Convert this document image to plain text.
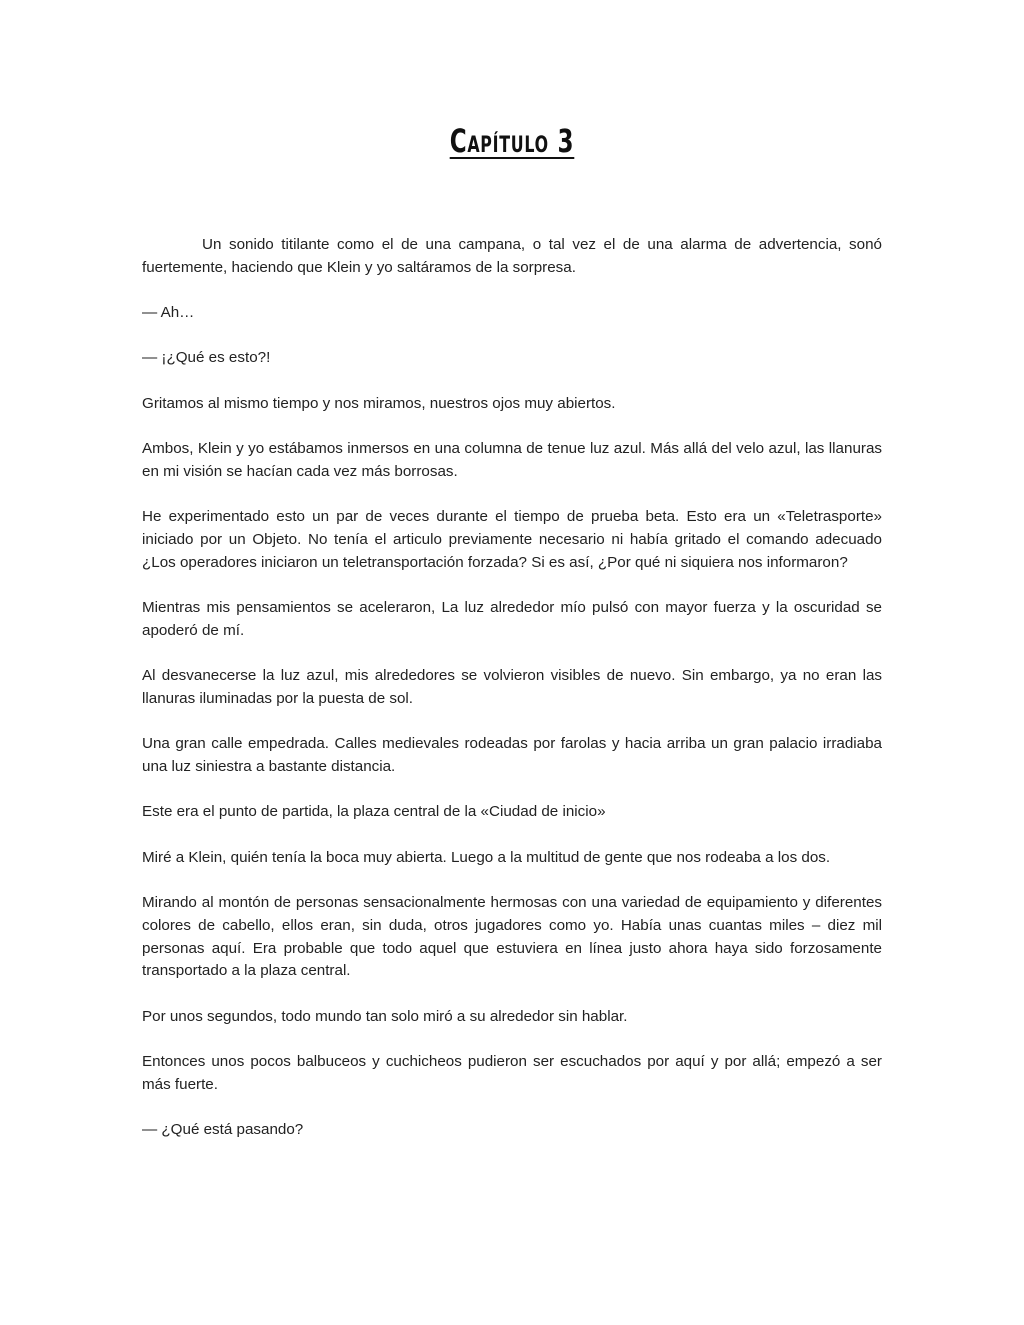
Capítulo 3

Un sonido titilante como el de una campana, o tal vez el de una alarma de advertencia, sonó fuertemente, haciendo que Klein y yo saltáramos de la sorpresa.

— Ah…

— ¡¿Qué es esto?!

Gritamos al mismo tiempo y nos miramos, nuestros ojos muy abiertos.

Ambos, Klein y yo estábamos inmersos en una columna de tenue luz azul. Más allá del velo azul, las llanuras en mi visión se hacían cada vez más borrosas.

He experimentado esto un par de veces durante el tiempo de prueba beta. Esto era un «Teletrasporte» iniciado por un Objeto. No tenía el articulo previamente necesario ni había gritado el comando adecuado ¿Los operadores iniciaron un teletransportación forzada? Si es así, ¿Por qué ni siquiera nos informaron?

Mientras mis pensamientos se aceleraron, La luz alrededor mío pulsó con mayor fuerza y la oscuridad se apoderó de mí.

Al desvanecerse la luz azul, mis alrededores se volvieron visibles de nuevo. Sin embargo, ya no eran las llanuras iluminadas por la puesta de sol.

Una gran calle empedrada. Calles medievales rodeadas por farolas y hacia arriba un gran palacio irradiaba una luz siniestra a bastante distancia.

Este era el punto de partida, la plaza central de la «Ciudad de inicio»

Miré a Klein, quién tenía la boca muy abierta. Luego a la multitud de gente que nos rodeaba a los dos.

Mirando al montón de personas sensacionalmente hermosas con una variedad de equipamiento y diferentes colores de cabello, ellos eran, sin duda, otros jugadores como yo. Había unas cuantas miles – diez mil personas aquí. Era probable que todo aquel que estuviera en línea justo ahora haya sido forzosamente transportado a la plaza central.

Por unos segundos, todo mundo tan solo miró a su alrededor sin hablar.

Entonces unos pocos balbuceos y cuchicheos pudieron ser escuchados por aquí y por allá; empezó a ser más fuerte.

— ¿Qué está pasando?
